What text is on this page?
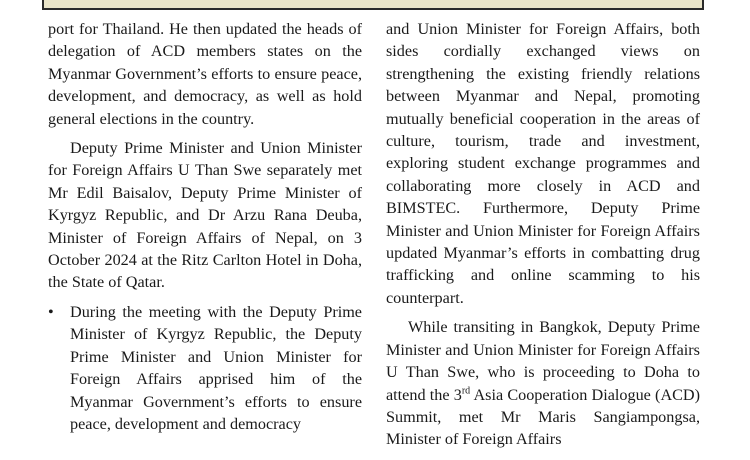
port for Thailand. He then updated the heads of delegation of ACD members states on the Myanmar Government’s efforts to ensure peace, development, and democracy, as well as hold general elections in the country.

Deputy Prime Minister and Union Minister for Foreign Affairs U Than Swe separately met Mr Edil Baisalov, Deputy Prime Minister of Kyrgyz Republic, and Dr Arzu Rana Deuba, Minister of Foreign Affairs of Nepal, on 3 October 2024 at the Ritz Carlton Hotel in Doha, the State of Qatar.

• During the meeting with the Deputy Prime Minister of Kyrgyz Republic, the Deputy Prime Minister and Union Minister for Foreign Affairs apprised him of the Myanmar Government’s efforts to ensure peace, development and democracy

and Union Minister for Foreign Affairs, both sides cordially exchanged views on strengthening the existing friendly relations between Myanmar and Nepal, promoting mutually beneficial cooperation in the areas of culture, tourism, trade and investment, exploring student exchange programmes and collaborating more closely in ACD and BIMSTEC. Furthermore, Deputy Prime Minister and Union Minister for Foreign Affairs updated Myanmar’s efforts in combatting drug trafficking and online scamming to his counterpart.

While transiting in Bangkok, Deputy Prime Minister and Union Minister for Foreign Affairs U Than Swe, who is proceeding to Doha to attend the 3rd Asia Cooperation Dialogue (ACD) Summit, met Mr Maris Sangiampongsa, Minister of Foreign Affairs
